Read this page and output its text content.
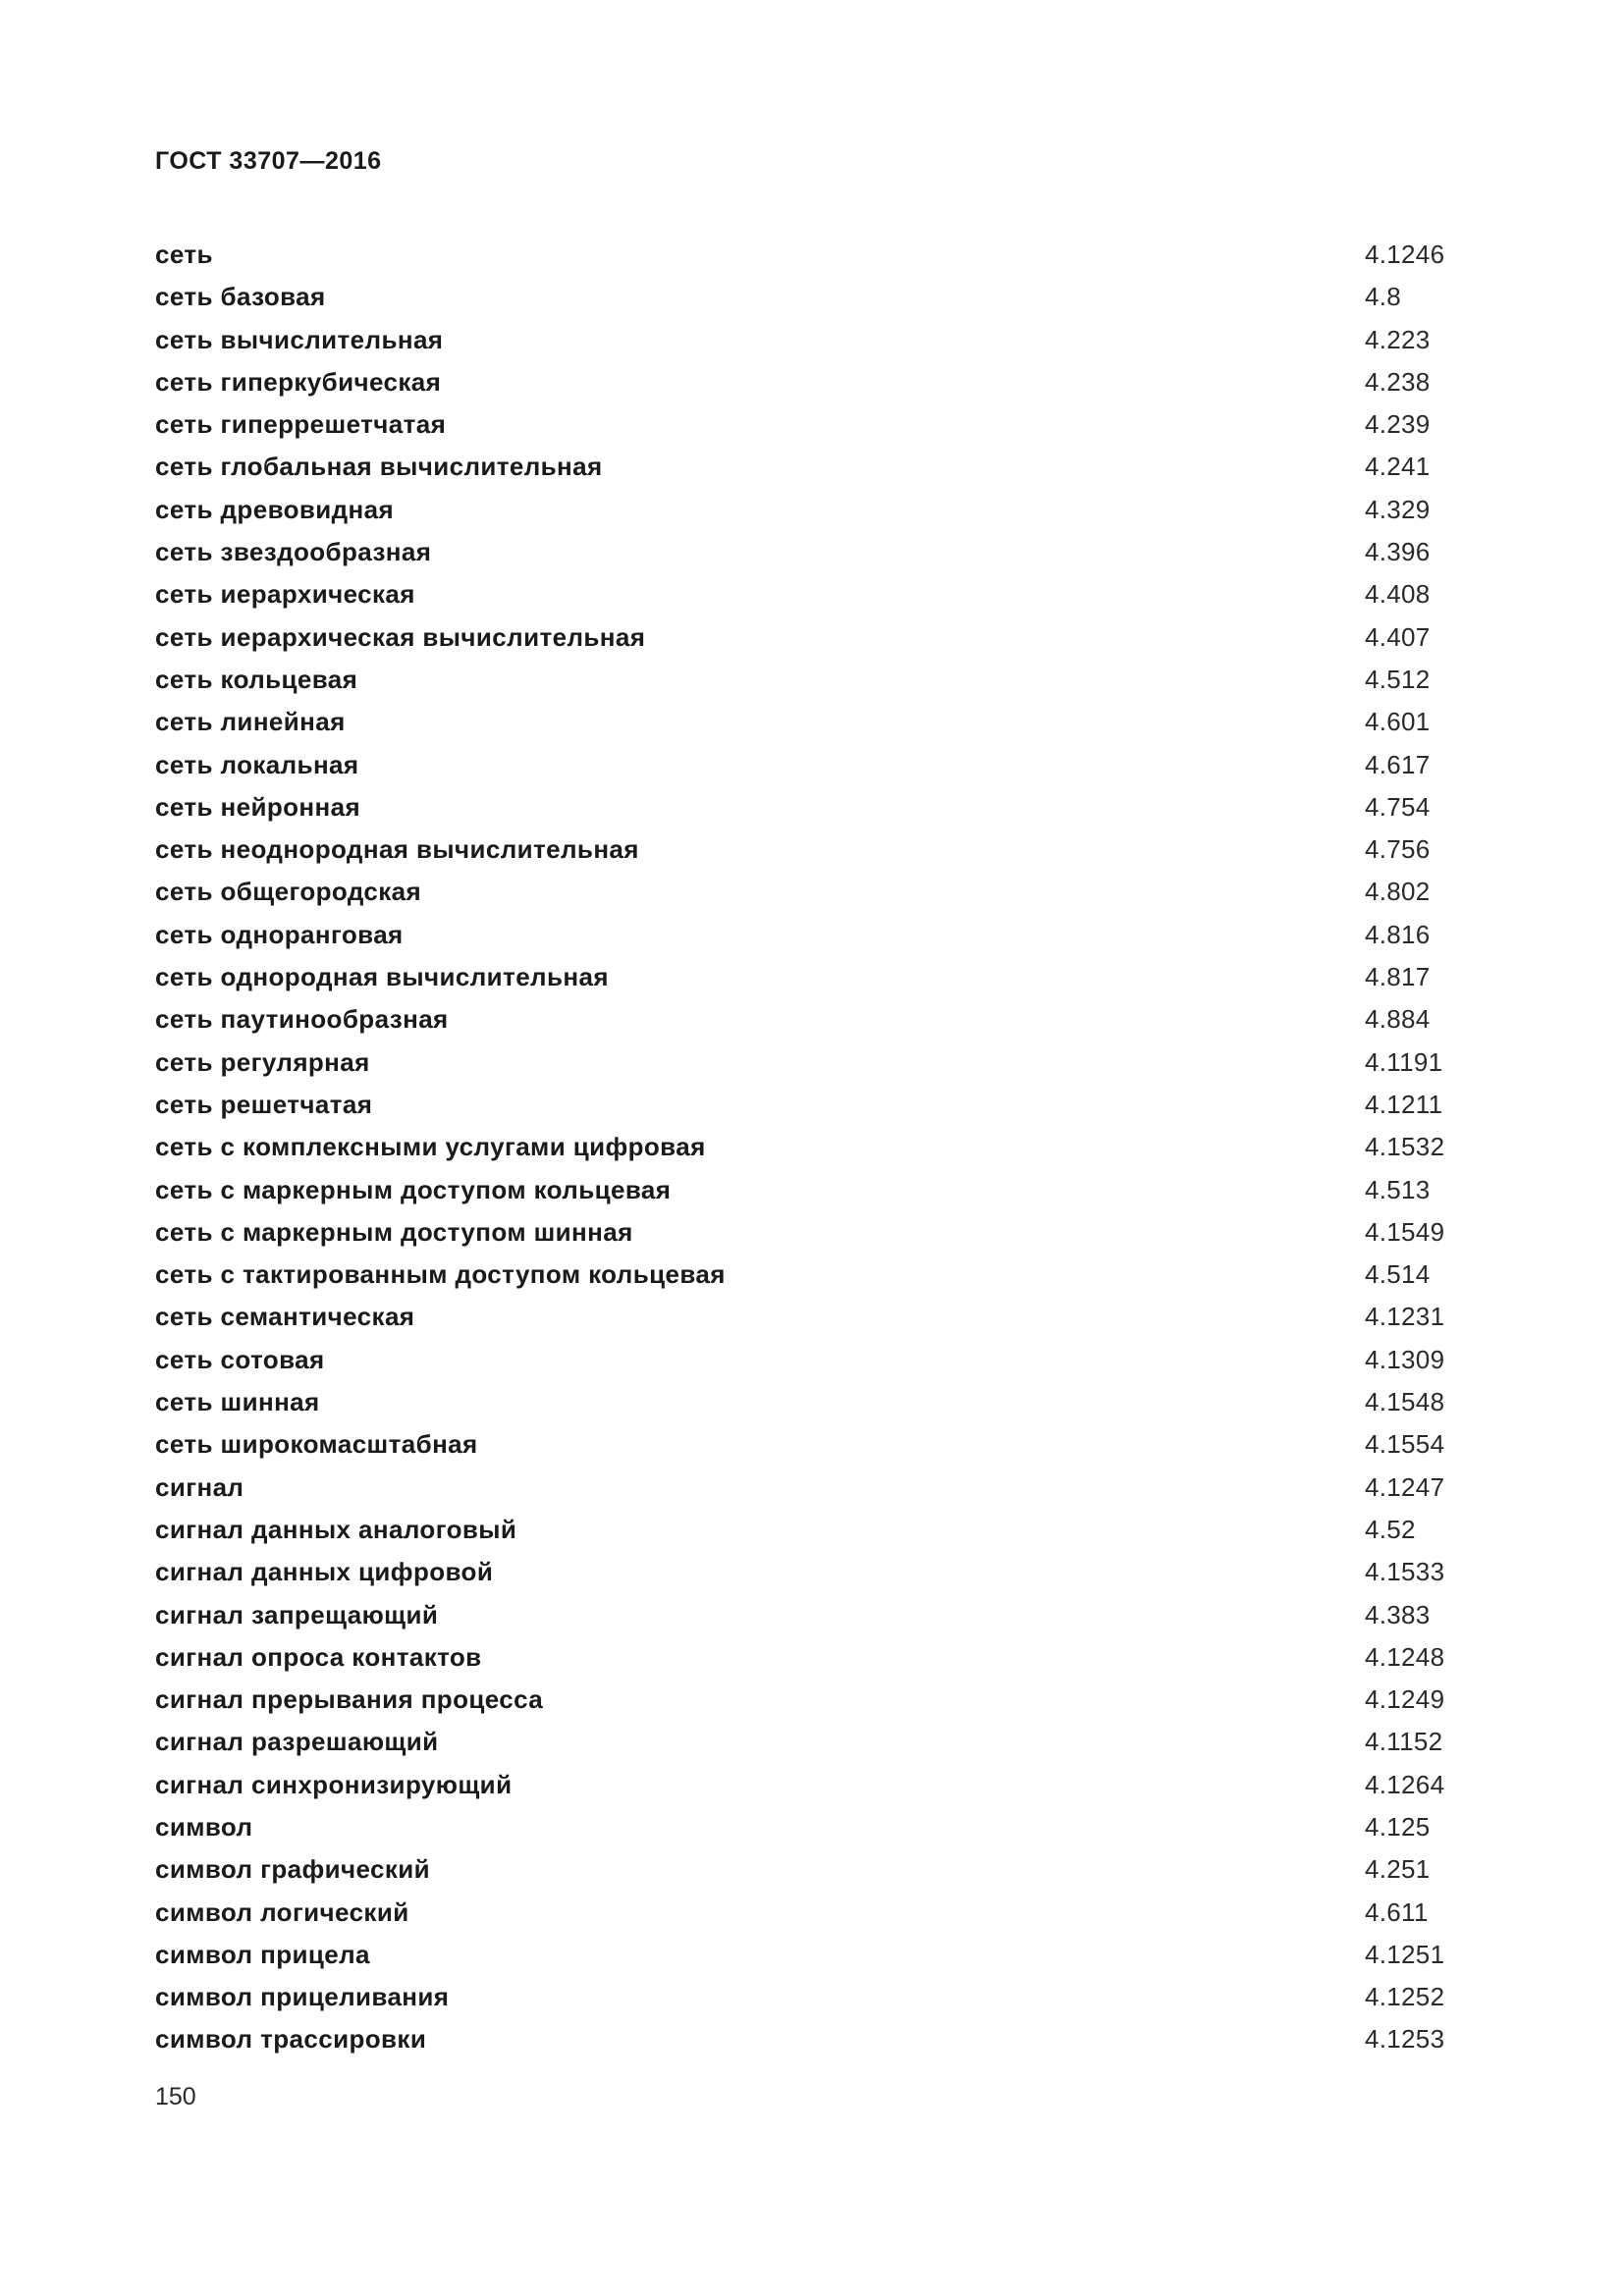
ГОСТ 33707—2016
сеть	4.1246
сеть базовая	4.8
сеть вычислительная	4.223
сеть гиперкубическая	4.238
сеть гиперрешетчатая	4.239
сеть глобальная вычислительная	4.241
сеть древовидная	4.329
сеть звездообразная	4.396
сеть иерархическая	4.408
сеть иерархическая вычислительная	4.407
сеть кольцевая	4.512
сеть линейная	4.601
сеть локальная	4.617
сеть нейронная	4.754
сеть неоднородная вычислительная	4.756
сеть общегородская	4.802
сеть одноранговая	4.816
сеть однородная вычислительная	4.817
сеть паутинообразная	4.884
сеть регулярная	4.1191
сеть решетчатая	4.1211
сеть с комплексными услугами цифровая	4.1532
сеть с маркерным доступом кольцевая	4.513
сеть с маркерным доступом шинная	4.1549
сеть с тактированным доступом кольцевая	4.514
сеть семантическая	4.1231
сеть сотовая	4.1309
сеть шинная	4.1548
сеть широкомасштабная	4.1554
сигнал	4.1247
сигнал данных аналоговый	4.52
сигнал данных цифровой	4.1533
сигнал запрещающий	4.383
сигнал опроса контактов	4.1248
сигнал прерывания процесса	4.1249
сигнал разрешающий	4.1152
сигнал синхронизирующий	4.1264
символ	4.125
символ графический	4.251
символ логический	4.611
символ прицела	4.1251
символ прицеливания	4.1252
символ трассировки	4.1253
150
